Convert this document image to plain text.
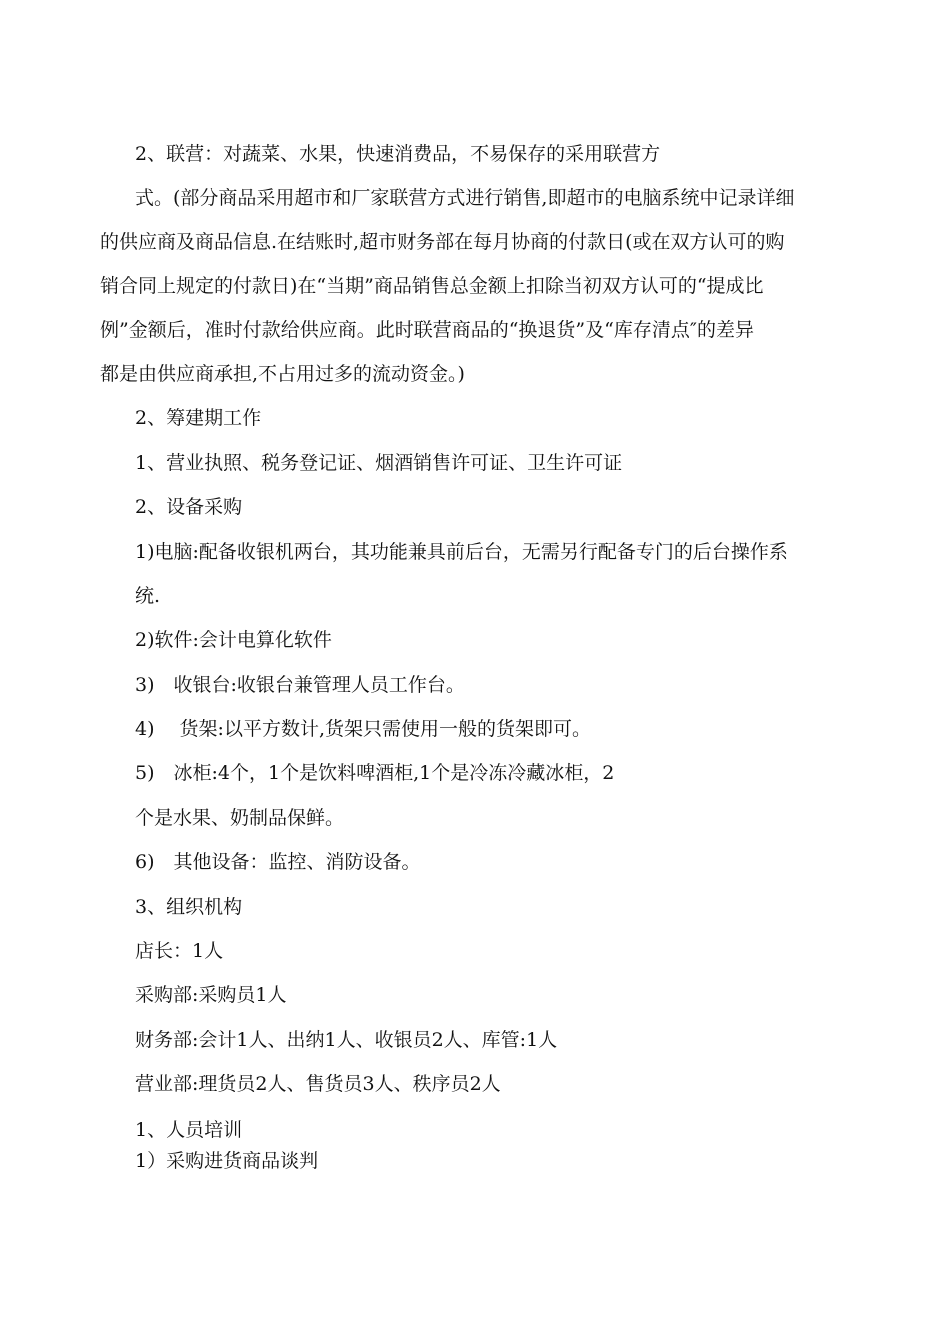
2、联营：对蔬菜、水果，快速消费品，不易保存的采用联营方
式。(部分商品采用超市和厂家联营方式进行销售,即超市的电脑系统中记录详细
的供应商及商品信息.在结账时,超市财务部在每月协商的付款日(或在双方认可的购
销合同上规定的付款日)在“当期”商品销售总金额上扣除当初双方认可的“提成比
例”金额后，准时付款给供应商。此时联营商品的“换退货”及“库存清点″的差异
都是由供应商承担,不占用过多的流动资金。)
2、筹建期工作
1、营业执照、税务登记证、烟酒销售许可证、卫生许可证
2、设备采购
1)电脑:配备收银机两台，其功能兼具前后台，无需另行配备专门的后台操作系
统.
2)软件:会计电算化软件
3)　收银台:收银台兼管理人员工作台。
4)　 货架:以平方数计,货架只需使用一般的货架即可。
5)　冰柜:4个，1个是饮料啤酒柜,1个是冷冻冷藏冰柜，2
个是水果、奶制品保鲜。
6)　其他设备：监控、消防设备。
3、组织机构
店长：1人
采购部:采购员1人
财务部:会计1人、出纳1人、收银员2人、库管:1人
营业部:理货员2人、售货员3人、秩序员2人
1、人员培训
1）采购进货商品谈判
